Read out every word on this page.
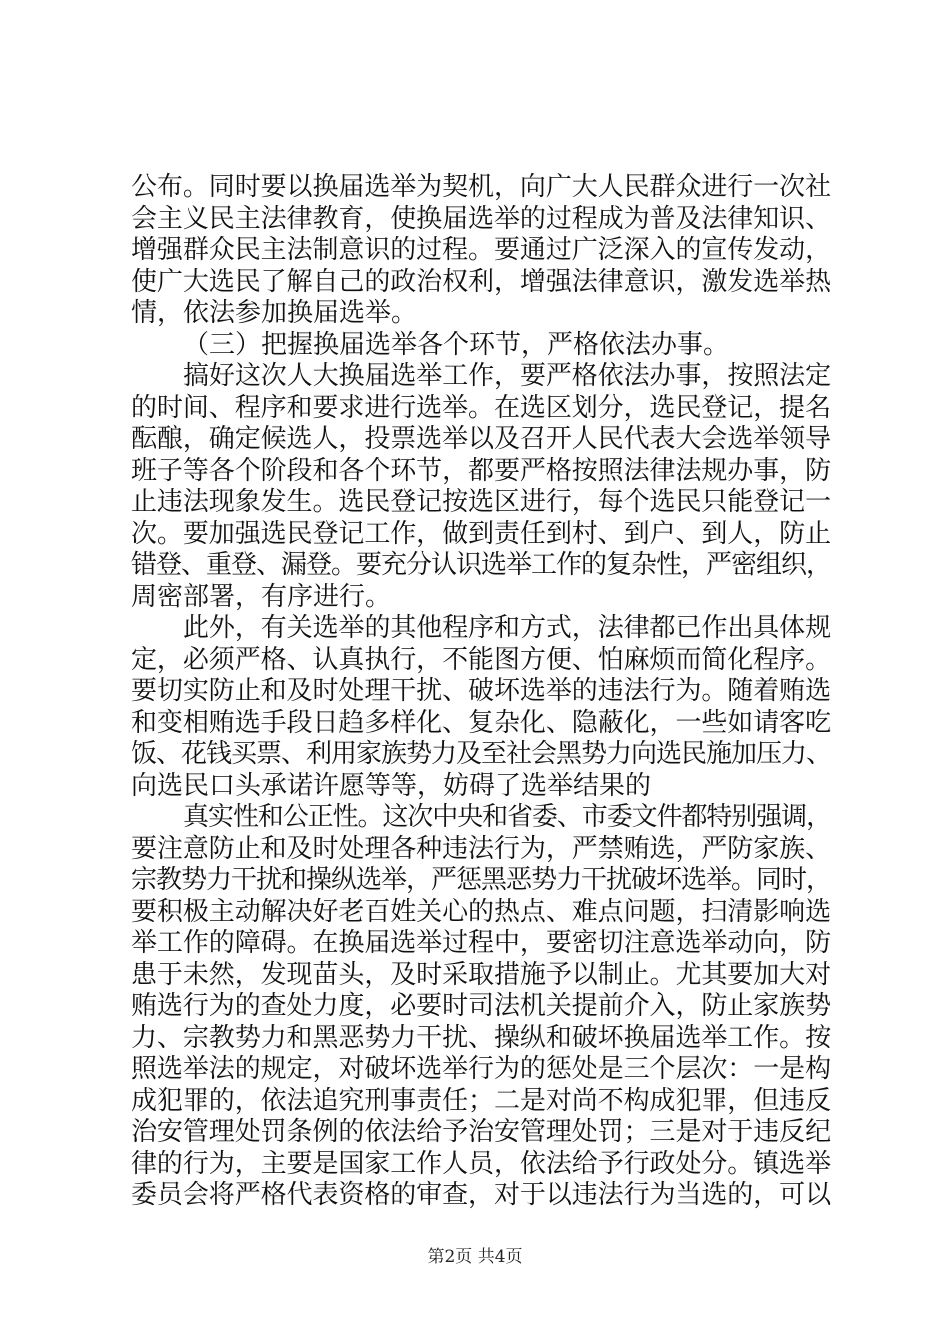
公布。同时要以换届选举为契机，向广大人民群众进行一次社
会主义民主法律教育，使换届选举的过程成为普及法律知识、
增强群众民主法制意识的过程。要通过广泛深入的宣传发动，
使广大选民了解自己的政治权利，增强法律意识，激发选举热
情，依法参加换届选举。
（三）把握换届选举各个环节，严格依法办事。
搞好这次人大换届选举工作，要严格依法办事，按照法定
的时间、程序和要求进行选举。在选区划分，选民登记，提名
酝酿，确定候选人，投票选举以及召开人民代表大会选举领导
班子等各个阶段和各个环节，都要严格按照法律法规办事，防
止违法现象发生。选民登记按选区进行，每个选民只能登记一
次。要加强选民登记工作，做到责任到村、到户、到人，防止
错登、重登、漏登。要充分认识选举工作的复杂性，严密组织，
周密部署，有序进行。
此外，有关选举的其他程序和方式，法律都已作出具体规
定，必须严格、认真执行，不能图方便、怕麻烦而简化程序。
要切实防止和及时处理干扰、破坏选举的违法行为。随着贿选
和变相贿选手段日趋多样化、复杂化、隐蔽化，一些如请客吃
饭、花钱买票、利用家族势力及至社会黑势力向选民施加压力、
向选民口头承诺许愿等等，妨碍了选举结果的
真实性和公正性。这次中央和省委、市委文件都特别强调，
要注意防止和及时处理各种违法行为，严禁贿选，严防家族、
宗教势力干扰和操纵选举，严惩黑恶势力干扰破坏选举。同时，
要积极主动解决好老百姓关心的热点、难点问题，扫清影响选
举工作的障碍。在换届选举过程中，要密切注意选举动向，防
患于未然，发现苗头，及时采取措施予以制止。尤其要加大对
贿选行为的查处力度，必要时司法机关提前介入，防止家族势
力、宗教势力和黑恶势力干扰、操纵和破坏换届选举工作。按
照选举法的规定，对破坏选举行为的惩处是三个层次：一是构
成犯罪的，依法追究刑事责任；二是对尚不构成犯罪，但违反
治安管理处罚条例的依法给予治安管理处罚；三是对于违反纪
律的行为，主要是国家工作人员，依法给予行政处分。镇选举
委员会将严格代表资格的审查，对于以违法行为当选的，可以
第2页 共4页
